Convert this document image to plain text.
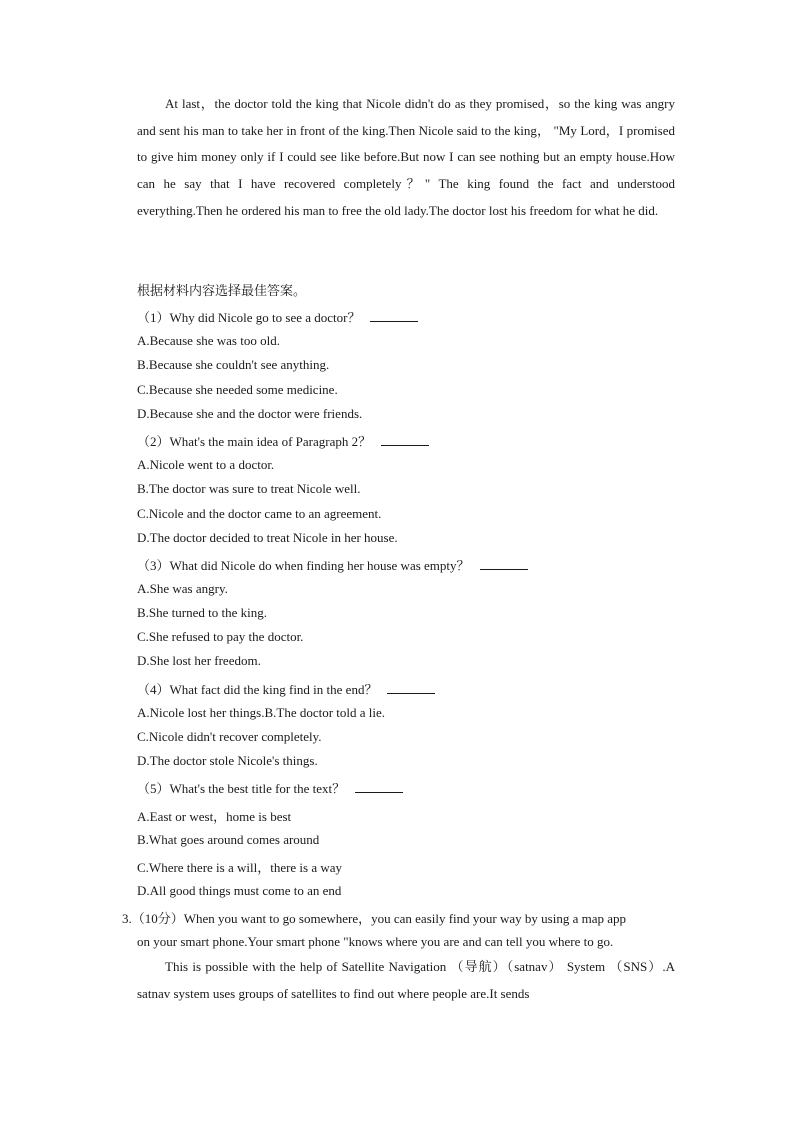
At last，the doctor told the king that Nicole didn't do as they promised，so the king was angry and sent his man to take her in front of the king.Then Nicole said to the king， "My Lord，I promised to give him money only if I could see like before.But now I can see nothing but an empty house.How can he say that I have recovered completely？" The king found the fact and understood everything.Then he ordered his man to free the old lady.The doctor lost his freedom for what he did.

根据材料内容选择最佳答案。

（1）Why did Nicole go to see a doctor？

A.Because she was too old.

B.Because she couldn't see anything.

C.Because she needed some medicine.

D.Because she and the doctor were friends.

（2）What's the main idea of Paragraph 2？

A.Nicole went to a doctor.

B.The doctor was sure to treat Nicole well.

C.Nicole and the doctor came to an agreement.

D.The doctor decided to treat Nicole in her house.

（3）What did Nicole do when finding her house was empty？

A.She was angry.

B.She turned to the king.

C.She refused to pay the doctor.

D.She lost her freedom.

（4）What fact did the king find in the end？

A.Nicole lost her things.B.The doctor told a lie.

C.Nicole didn't recover completely.

D.The doctor stole Nicole's things.

（5）What's the best title for the text？

A.East or west，home is best

B.What goes around comes around

C.Where there is a will，there is a way

D.All good things must come to an end

3.（10分）When you want to go somewhere，you can easily find your way by using a map app

on your smart phone.Your smart phone "knows where you are and can tell you where to go.

This is possible with the help of Satellite Navigation （导航）（satnav） System （SNS）.A satnav system uses groups of satellites to find out where people are.It sends
